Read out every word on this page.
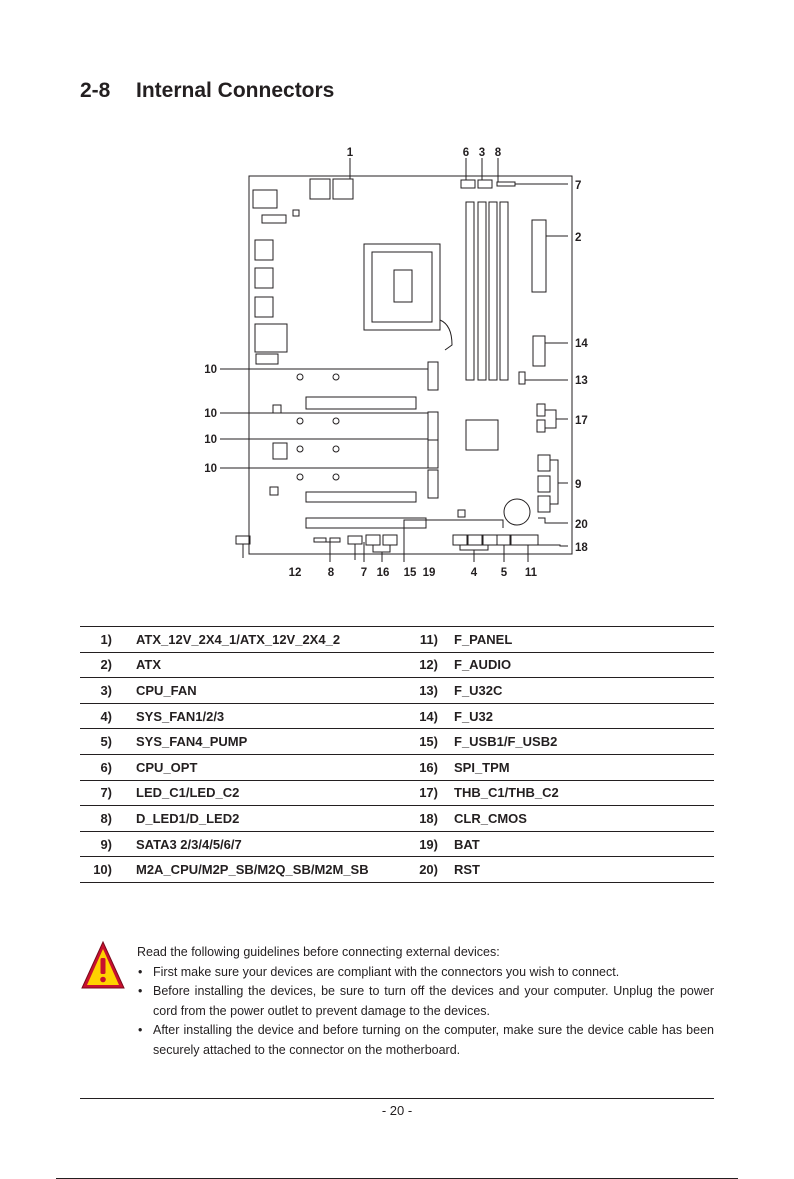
2-8 Internal Connectors
1	6 3 8
7
2
14
13
17
9
20
18
10
10
10
10
12 8 7 16 15 19	4 5 11
1)		ATX_12V_2X4_1/ATX_12V_2X4_2	11)		F_PANEL
2)		ATX	12)		F_AUDIO
3)		CPU_FAN	13)		F_U32C
4)		SYS_FAN1/2/3	14)		F_U32
5)		SYS_FAN4_PUMP	15)		F_USB1/F_USB2
6)		CPU_OPT	16)		SPI_TPM
7)		LED_C1/LED_C2	17)		THB_C1/THB_C2
8)		D_LED1/D_LED2	18)		CLR_CMOS
9)		SATA3 2/3/4/5/6/7	19)		BAT
10)		M2A_CPU/M2P_SB/M2Q_SB/M2M_SB	20)		RST
Read the following guidelines before connecting external devices:
• First make sure your devices are compliant with the connectors you wish to connect.
• Before installing the devices, be sure to turn off the devices and your computer. Unplug the power cord from the power outlet to prevent damage to the devices.
• After installing the device and before turning on the computer, make sure the device cable has been securely attached to the connector on the motherboard.
- 20 -
